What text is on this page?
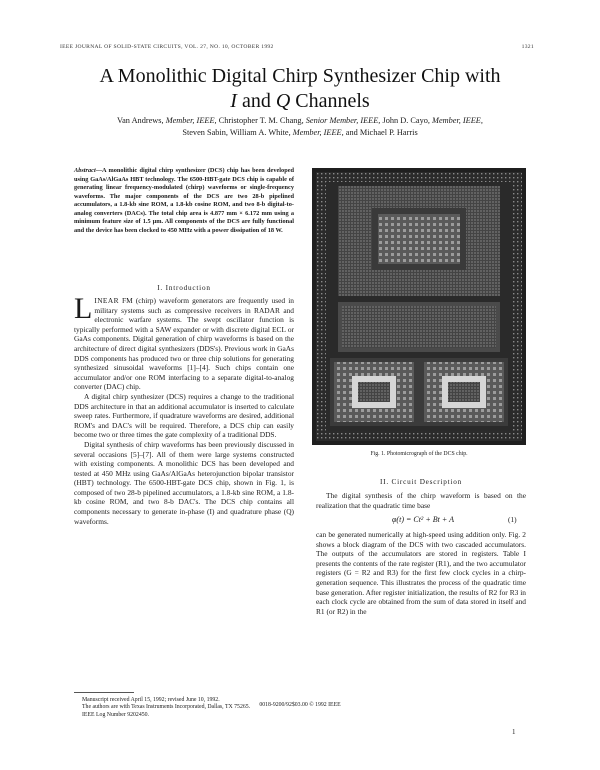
IEEE JOURNAL OF SOLID-STATE CIRCUITS, VOL. 27, NO. 10, OCTOBER 1992	1321
A Monolithic Digital Chirp Synthesizer Chip with
I and Q Channels
Van Andrews, Member, IEEE, Christopher T. M. Chang, Senior Member, IEEE, John D. Cayo, Member, IEEE,
Steven Sabin, William A. White, Member, IEEE, and Michael P. Harris
Abstract—A monolithic digital chirp synthesizer (DCS) chip has been developed using GaAs/AlGaAs HBT technology. The 6500-HBT-gate DCS chip is capable of generating linear frequency-modulated (chirp) waveforms or single-frequency waveforms. The major components of the DCS are two 28-b pipelined accumulators, a 1.8-kb sine ROM, a 1.8-kb cosine ROM, and two 8-b digital-to-analog converters (DACs). The total chip area is 4.877 mm × 6.172 mm using a minimum feature size of 1.5 μm. All components of the DCS are fully functional and the device has been clocked to 450 MHz with a power dissipation of 18 W.
I. Introduction

LINEAR FM (chirp) waveform generators are frequently used in military systems such as compressive receivers in RADAR and electronic warfare systems. The swept oscillator function is typically performed with a SAW expander or with discrete digital ECL or GaAs components. Digital generation of chirp waveforms is based on the architecture of direct digital synthesizers (DDS's). Previous work in GaAs DDS components has produced two or three chip solutions for generating synthesized sinusoidal waveforms [1]–[4]. Such chips contain one accumulator and/or one ROM interfacing to a separate digital-to-analog converter (DAC) chip.

A digital chirp synthesizer (DCS) requires a change to the traditional DDS architecture in that an additional accumulator is inserted to calculate sweep rates. Furthermore, if quadrature waveforms are desired, additional ROM's and DAC's will be required. Therefore, a DCS chip can easily become two or three times the gate complexity of a traditional DDS.

Digital synthesis of chirp waveforms has been previously discussed in several occasions [5]–[7]. All of them were large systems constructed with existing components. A monolithic DCS has been developed and tested at 450 MHz using GaAs/AlGaAs heterojunction bipolar transistor (HBT) technology. The 6500-HBT-gate DCS chip, shown in Fig. 1, is composed of two 28-b pipelined accumulators, a 1.8-kb sine ROM, a 1.8-kb cosine ROM, and two 8-b DAC's. The DCS chip contains all components necessary to generate in-phase (I) and quadrature phase (Q) waveforms.

Manuscript received April 15, 1992; revised June 10, 1992.
The authors are with Texas Instruments Incorporated, Dallas, TX 75265.
IEEE Log Number 9202450.
Fig. 1. Photomicrograph of the DCS chip.
II. Circuit Description

The digital synthesis of the chirp waveform is based on the realization that the quadratic time base

φ(t) = Ct² + Bt + A	(1)

can be generated numerically at high-speed using addition only. Fig. 2 shows a block diagram of the DCS with two cascaded accumulators. The outputs of the accumulators are stored in registers. Table I presents the contents of the rate register (R1), and the two accumulator registers (G = R2 and R3) for the first few clock cycles in a chirp-generation sequence. This illustrates the process of the quadratic time base generation. After register initialization, the results of R2 for R3 in each clock cycle are obtained from the sum of data stored in itself and R1 (or R2) in the

0018-9200/92$03.00 © 1992 IEEE
1
